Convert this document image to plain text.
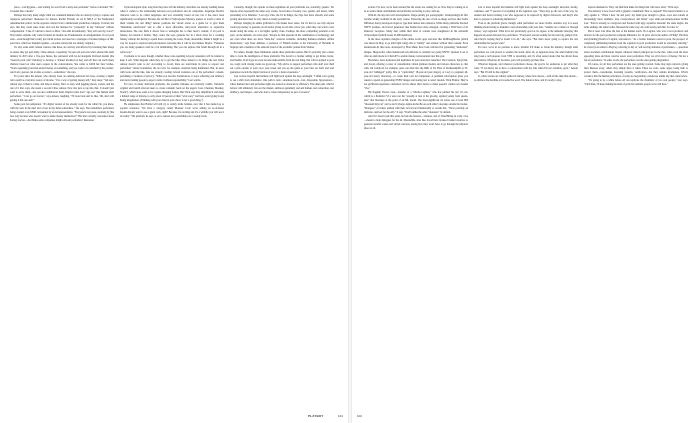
place,—bad hygiene,—and waiting for word from a daily-rate performer" before concluded "Sh." It sounds like a dream."

Perhaps that truly many single child are consumed humans who are already trying to capture and repurpose performers' likenesses for futures. Rachel Friends, an AI in MILF of the Netherland, rememberable perfect on the opposite contract from a mainstream production company. It stated, she says, that they could reuse video and own her likeness for "perpetuity" in any "universe" without compensation. "Like, if I decide to move to Mars," she adds incredulously, "they will own my voice?" That tender explains why some fictional AI models are Frankensteins an amalgamation of real porn stars—even though that's really just trivial avatars are based on a catalogue of licensed images of IRL porn stars, which are blended together—on some avatars that are entirely original.)

It's why some adult content creators, like these, are actively and affected by licensing their image to ensure they get paid fairly. Chloe Amour, a legendary 34-year-old porn star who's entered the adult industry in 2013 after a five-year hiatus, has partnered with Jet.AI alongside Portland models (the "research porn wife" Delanay) to develop a "trained modeled on her) and tell that can teach many chatbots based on what users request in the conversations. She wants to fulfill her fans' wishes. "You're spending your hard-earned money on something, and you want to be satisfied by the product. And I am a person, but an idea a product—sometimes," she says.

For years since the Amour, who already boast an existing dedicated fan base, creating a digital twin could be a lucrative source of income. "It is a way of getting money still," they sleep," Yeh says. Amour says it there's a time, and time is money. She's so busy with juggling shoots, socials, and the rest of it that, says, she needs a second Chloe Amour. Now she gets to tap into that. It doesn't just want to serve them—she can also withdrawal them. Digital twins don't "age out" like human adult performers. "I can go on forever," says Amour, laughing. "I'll look back and be like, 'Oh, she's still getting it this one and!'"

Some porn fan temptation. "It's digital version of me already work for me while I'm, you know, with my teen in the med and a beer in my hand somewhere," she says. She remembers performers being courted at an XBIZ convention by an AI representative. "Everyone's not prose, swollen) by [the face AI], because who doesn't want to make money themselves?" But she's actually concerned about having forever—she thinks some companies might reinvent performers' likenesses

Taylor-hologram style, long after they have left the industry. And there are already teething issues when it comes to the relationship between real performers and AI companies. Angelique Booth's character used to be called Angelique and was ostensibly based on her, but it has since been significantly reconfigured. Because the old Bot of Yellowjacket Mystery, pleases to watch a video of them volume the real thing? Amour positions her virtual avatar as a guide for to give them "immediate satisfaction" and to offer a more affordable, entry-level alternative to expensive interactions. She also finds it allows fans to reimagine her to their heart's content; if all porn is fantasy, AI extends it further. They could, she says, generate her in a black dress for a wedding fantasy without her having to spend hours creating the scene. Noah, meanwhile, thinks it might be a way for people to explore bedroom interests, knowing that it will be less human. Maybe. "Fantasies you are being spanked could be a bit intimidating. But you can explore that fetish through AI in a softer way."

It remains to be seen, though, whether these costs-spending AI porn consumers will be trained to keep it soft. What happens when they try to get the bike Chloe Amour to do things the real Chloe Amour doesn't want to do? According to Jet.AI, there are restrictions in place to respect real performers' virtual boundaries; the bot will, for example, entertain being humiliated. But, in users with Grok and the like, fans are already creating twisted scenarios out of the performers' consent, perfuming a violation of privacy. "When you become Stellartobore, it stops reflecting real intimacy and starts training people to expect control without responsibility," Last warms.

For now, in many dedicated platforms, the possible fantasies are relatively vanilla. VarkAnl's original and launch allowed users to create romantic leads on the pages's Lion, Chestnut, Monkey, Storm"), which does seem to be a game-changing feature. But Wick says they simplified it and made a limited range of buttons, to only about 10 percent of their "wick sorry" and have even typing in any hiring imagination. (Thinking with your chest in your chest, is not a good thing,")

He emphasizes that BallAI will still try to satisfy niche fetishes, now that it has landed up to popular scenarios: "We have a category called 'Monster Cock' we're adding an as-of-Rexet models.People want to see a giant cock, right? Because it's exciting and it's a wildlife you will see it in reality." The platform, he says, is set to release new possibilities on a weekly basis.

Currently, though, the options on these legitimate AI porn platforms are, ironically, generic. Yet anyone often repeatedly the same sexy scenes, faced ideas of beauty, race, gender, and desire, while pretending to be limitless." Last says. Plus, the UI in things, the clips feel more smooth, and some pricing structures must be very dated as trendy pornish bus.

Perhaps bringing an anime girlfriend to life makes most sense, but it's hard to see why anyone would pay money to generate an AI model giving an AI dick a blow job, when they can watch a real model doing the same, at a far higher quality video. Perhaps, the more compelling potential at AI porn, on the demand, are robot-style. "People do find pleasure in the combination of technology and sex even when there are more "male-hot" sciences available, including human-to-human, offline interactions," says Peter Ahtinen, a professor of Finnish studies at the University of Helsinki in Sugarjar and a member of the editorial board of the academic journal Porn Studies.

For others, though, these limitations render these platforms useless. But it's probably just a smart time to track the intelligence of these platforms: The AI.AI is a brother adding to get dirtier, hotter, and madder. If AI frogs are even become indiscernible from the real thing, that will be applied to porn too. Legit; such closing works are grown up. "My advice to support performers who don't ever shell out a plus outside of porn; now your teaser and you up the game to your fans are fetch and well guarantee towards the digital version of you for a better experience."

Last is more hopeful that humans will fight back against the deep onslaught. "I think we're going to see a shift from abundance. One path is toxic, automated porn—fast, disposable, hypersexual—where human labor and performer rights are treated as obstacles to efficiency. The other path, which I believe will ultimately win our the market, embraces genuinely real and human, real connection, real intimacy, real images—and who start to value transparency as part of arousal."

avatars. For now, we've been warned that the robots are coming for us. Now they're coming on to us to seduce them. And humans and platforms are having to play catch-up.

With AI, the any new tech developments, fringe quickly got pornographic. Unsurprisingly AI first became widely available in the early course. Following the rise of text-to-image services like Stable Diffusion, horny developers began to type their desires into existence. While many platforms blocked NSFW prompts, and forced generators like Nomia have more emerged, creating a Wild West of AI Remover Gooplolo. Many deal within their kind of content were slaughtered in the subreddit r/Unprompted (which boasts 43,000 members).

In the more repulsive margins of the online world, apps and sites like DeNhongPhodes (which was shown in May, to go until right wing) able to "nudify" real women; without their consent. Even mainstream AI like Grok, developed by Elon Musk, have been criticized for generating "undressed" images. Disgraceful, when mainstream AI platforms is certainly not going NSFW: OpenAI is set to offer an adult mode for ChatGPT to enable mature conversations later this year.

Elsewhere, more dedicated and legitimate AI porn sites have launched. The Candy.ai, SpicyChat, and Joi.AI, offering a roster of customizable virtual glamour models and various characters to chat with. On Candy.AI, for example, users can slide into the DMs of Dr. Elise of Dorhenemplifi (a 35-year-old "unhinged" goth), Mia (a "captivating" 18-year-old jazz singer), or Lucy (a pregnant 40-year-old surrey character)—or create their own AI companion. A premium subscription gives you tokens to spend on generating NSFW images and storing text to select models. Wick Ebisite: They're not girlfriend-experience orientated, but he shares their desire to make people's wildest sex dreams "live."

His flagship Thera's clear—founder of a "Mecha Lightier," who has pitched the last 10 a.m. which is a Pedantics VCs were not the "proudly at mot at the gloomy, spirited yodels from sparks, plus" that blessings at the point of an ML model. The most-significant AI robots use at least 800 "thousand tiny tan" can be and Cyborgo-Alpha-in-the-Bu on each other's doorstep outside the tracker. "Mangoes" of tickets pushed with their AI forward intentionally at certain hits. "We're probably an indicator, and feel for the AI's." It says "You'll unlike the other "monsters" by default.

And if it doesn't pull that point, he lists the features—vultures, and of VideoHiring in a tiny cave—meant to help dialogues for the AI. Meanwhile, sites like Joi.AI have licensed trained creatives to generate tasteful scenes and virtual concerts, noting how they won't have to go through the physical shoot at all.

Last is more hopeful that humans will fight back against the deep onslaught. Reaction, mostly, continues, and 77 percent of everything in life Agnoloti says. "They may go the rest of the way, for sensual and better tracking. Last who supposed to be replaced by digital characters, and they'll also have to prepare to advancing themselves."

Even as the platform grows, though, adult performers are more visible. Another way is to keep thinking about having to maintain a real relationship with your fans, "whether on a camera or through videos," says Agnoloti. What AI is not particularly good at, he argues, is the authentic interplay that happens in person between two performers. "Everyone's always looking for the next big, pumpy trick. And they're hoping they've found it in AI," she says. "But that's never going to replace the real relationship that people want."

For now, we're in no position to know whether it'll make or break the industry, though adult performers are well placed to weather the storm. After all, as Agnoloti notes, the adult industry has long been a tech pioneer, from VHS to streaming, and it's often sexual desire that has driven these innovations. Whatever AI becomes, porn will probably get there first.

Whatever happens, and whatever performers choose, the goal is for audiences to get what they want. "If AI allows me to have a conversation with my fans when I'm not available, great," Amour says. "But I'll still be the original."

Is, where stories are wholly spilled in fantasy, where fans choose—with all the risks that entails—to embrace the machine at its seductive word. The future is here, and it's ready to play.

express themselves. They can find their kinks for things that will never exist," Wick says.

The industry is now faced with a gigantic conundrum: How to respond? The natural instinct is to rally against it. "When I hear 'AI and porn,' my mind goes straight to ghost—bots and content in increasingly more synthetic, lazy, overproduced, and bland," says adult-star-turned-pioneer Krillie Last. "Porn is already so overgrown and flooded with ugly, repetitive material: the same angles, the same endings, the same bodies flattened the same way. AI could easily push that. It scales it."

But at least Last three the best of the human touch. Via Lagdon, who was a local producer and director for the porn production company Rhonetics for 16 years and is the author of Filthy! The Rise and (Pending) Death of Lagdon, welcomes it. "As a former business owner in porn, the prospect of completely eliminating humans from the equation in porn production would be extremely enticing," he wrote (in an email to Playboy, referring to AI) as "self-serving attitudes of performers,— questions about streamed contributions despite whatever mixed principal are in the mix, when even the most appealing ideas and most creative assets were performers. They are all in favor of money. I'm not a fan of performers." In other words, the performers, not the ones getting disgruntled.

Of course, for all that, performers are the ones getting worried. Some may sign contracts giving their likeness away; others may simply have it taken. There are tools, some argue, being built to protect them—watermarks, licensing systems, verification—but they remain incomplete. What's certain is that the human performers of today are negotiating a landscape unlike any that came before.

"It's going to be a while before AI can replicate the chemistry of two real people," Last says. "Until then, I'll keep making the kind of porn that reminds people we're still here."

PLAYBOY	101	102
